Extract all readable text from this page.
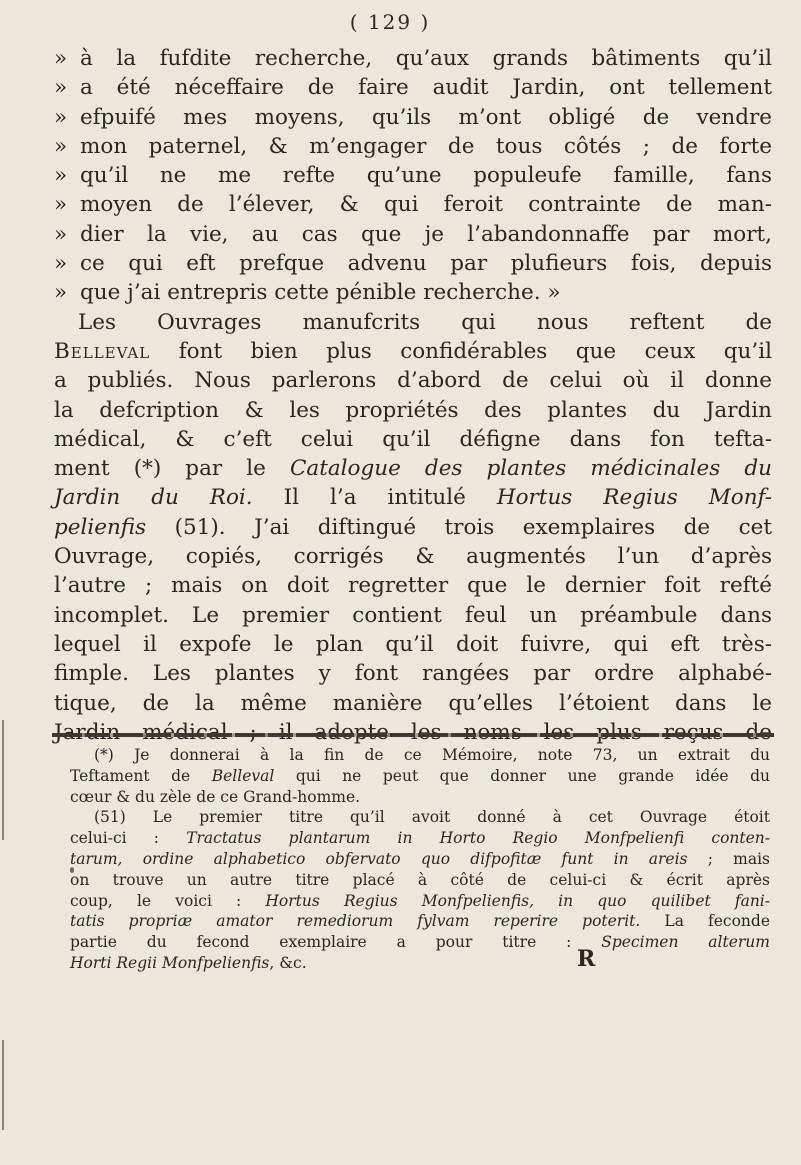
( 129 )
» à la fufdite recherche, qu’aux grands bâtiments qu’il
» a été néceffaire de faire audit Jardin, ont tellement
» efpuifé mes moyens, qu’ils m’ont obligé de vendre
» mon paternel, & m’engager de tous côtés ; de forte
» qu’il ne me refte qu’une populeufe famille, fans
» moyen de l’élever, & qui feroit contrainte de man-
» dier la vie, au cas que je l’abandonnaffe par mort,
» ce qui eft prefque advenu par plufieurs fois, depuis
» que j’ai entrepris cette pénible recherche. »
Les Ouvrages manufcrits qui nous reftent de
Belleval font bien plus confidérables que ceux qu’il
a publiés. Nous parlerons d’abord de celui où il donne
la defcription & les propriétés des plantes du Jardin
médical, & c’eft celui qu’il défigne dans fon tefta-
ment (*) par le Catalogue des plantes médicinales du
Jardin du Roi. Il l’a intitulé Hortus Regius Monf-
pelienfis (51). J’ai diftingué trois exemplaires de cet
Ouvrage, copiés, corrigés & augmentés l’un d’après
l’autre ; mais on doit regretter que le dernier foit refté
incomplet. Le premier contient feul un préambule dans
lequel il expofe le plan qu’il doit fuivre, qui eft très-
fimple. Les plantes y font rangées par ordre alphabé-
tique, de la même manière qu’elles l’étoient dans le
(*) Je donnerai à la fin de ce Mémoire, note 73, un extrait du
Teftament de Belleval qui ne peut que donner une grande idée du
cœur & du zèle de ce Grand-homme.
(51) Le premier titre qu’il avoit donné à cet Ouvrage étoit
celui-ci : Tractatus plantarum in Horto Regio Monfpelienfi conten-
tarum, ordine alphabetico obfervato quo difpofitæ funt in areis ; mais
on trouve un autre titre placé à côté de celui-ci & écrit après
coup, le voici : Hortus Regius Monfpelienfis, in quo quilibet fani-
tatis propriæ amator remediorum fylvam reperire poterit. La feconde
partie du fecond exemplaire a pour titre : Specimen alterum
Horti Regii Monfpelienfis, &c.	R
